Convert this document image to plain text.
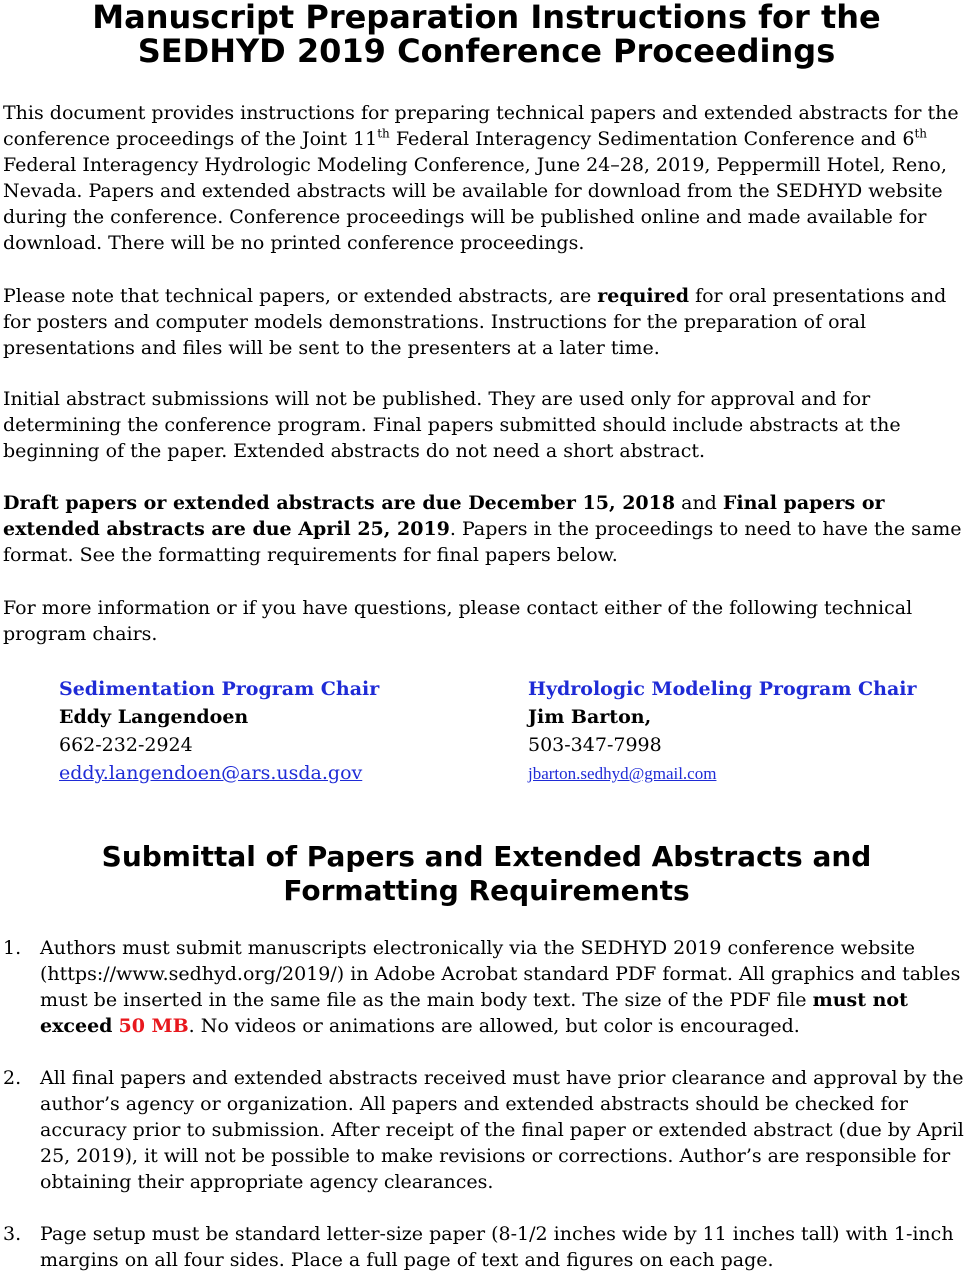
Manuscript Preparation Instructions for the
SEDHYD 2019 Conference Proceedings

This document provides instructions for preparing technical papers and extended abstracts for the conference proceedings of the Joint 11th Federal Interagency Sedimentation Conference and 6th Federal Interagency Hydrologic Modeling Conference, June 24–28, 2019, Peppermill Hotel, Reno, Nevada. Papers and extended abstracts will be available for download from the SEDHYD website during the conference. Conference proceedings will be published online and made available for download. There will be no printed conference proceedings.

Please note that technical papers, or extended abstracts, are required for oral presentations and for posters and computer models demonstrations. Instructions for the preparation of oral presentations and files will be sent to the presenters at a later time.

Initial abstract submissions will not be published. They are used only for approval and for determining the conference program. Final papers submitted should include abstracts at the beginning of the paper. Extended abstracts do not need a short abstract.

Draft papers or extended abstracts are due December 15, 2018 and Final papers or extended abstracts are due April 25, 2019. Papers in the proceedings to need to have the same format. See the formatting requirements for final papers below.

For more information or if you have questions, please contact either of the following technical program chairs.

Sedimentation Program Chair
Eddy Langendoen
662-232-2924
eddy.langendoen@ars.usda.gov
Hydrologic Modeling Program Chair
Jim Barton,
503-347-7998
jbarton.sedhyd@gmail.com
Submittal of Papers and Extended Abstracts and
Formatting Requirements
1. Authors must submit manuscripts electronically via the SEDHYD 2019 conference website (https://www.sedhyd.org/2019/) in Adobe Acrobat standard PDF format. All graphics and tables must be inserted in the same file as the main body text. The size of the PDF file must not exceed 50 MB. No videos or animations are allowed, but color is encouraged.
2. All final papers and extended abstracts received must have prior clearance and approval by the author’s agency or organization. All papers and extended abstracts should be checked for accuracy prior to submission. After receipt of the final paper or extended abstract (due by April 25, 2019), it will not be possible to make revisions or corrections. Author’s are responsible for obtaining their appropriate agency clearances.
3. Page setup must be standard letter-size paper (8-1/2 inches wide by 11 inches tall) with 1-inch margins on all four sides. Place a full page of text and figures on each page.
